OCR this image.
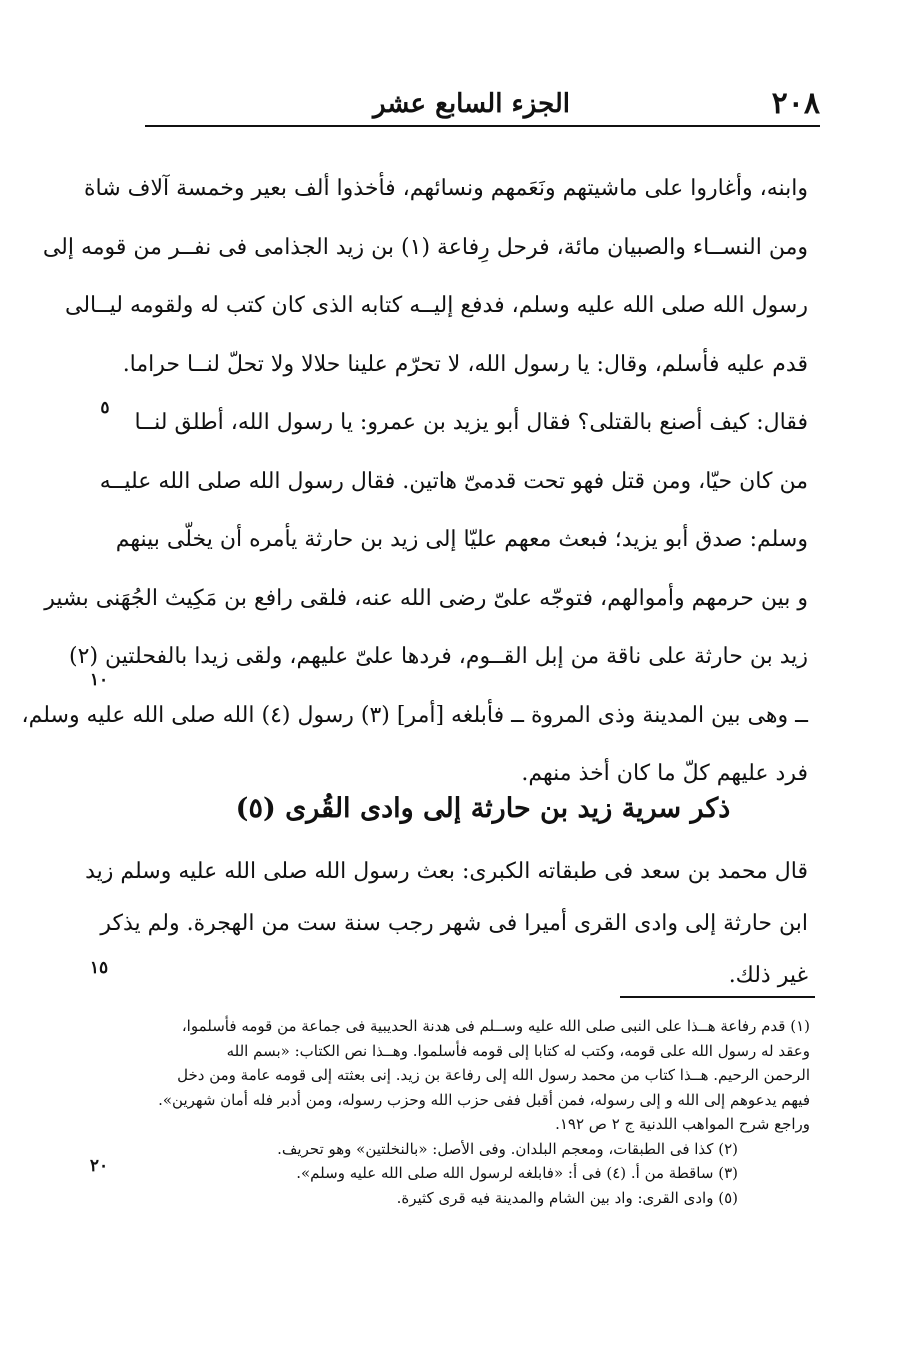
٢٠٨
الجزء السابع عشر
وابنه، وأغاروا على ماشيتهم ونَعَمهم ونسائهم، فأخذوا ألف بعير وخمسة آلاف شاة
ومن النســاء والصبيان مائة، فرحل رِفاعة (١) بن زيد الجذامى فى نفــر من قومه إلى
رسول الله صلى الله عليه وسلم، فدفع إليــه كتابه الذى كان كتب له ولقومه ليــالى
قدم عليه فأسلم، وقال: يا رسول الله، لا تحرّم علينا حلالا ولا تحلّ لنــا حراما.
فقال: كيف أصنع بالقتلى؟ فقال أبو يزيد بن عمرو: يا رسول الله، أطلق لنــا
من كان حيّا، ومن قتل فهو تحت قدمىّ هاتين. فقال رسول الله صلى الله عليــه
وسلم: صدق أبو يزيد؛ فبعث معهم عليّا إلى زيد بن حارثة يأمره أن يخلّى بينهم
و بين حرمهم وأموالهم، فتوجّه علىّ رضى الله عنه، فلقى رافع بن مَكِيث الجُهَنى بشير
زيد بن حارثة على ناقة من إبل القــوم، فردها علىّ عليهم، ولقى زيدا بالفحلتين (٢)
ــ وهى بين المدينة وذى المروة ــ فأبلغه [أمر] (٣) رسول (٤) الله صلى الله عليه وسلم،
فرد عليهم كلّ ما كان أخذ منهم.
٥
١٠
١٥
٢٠
ذكر سرية زيد بن حارثة إلى وادى القُرى (٥)
قال محمد بن سعد فى طبقاته الكبرى: بعث رسول الله صلى الله عليه وسلم زيد
ابن حارثة إلى وادى القرى أميرا فى شهر رجب سنة ست من الهجرة. ولم يذكر
غير ذلك.
(١) قدم رفاعة هــذا على النبى صلى الله عليه وســلم فى هدنة الحديبية فى جماعة من قومه فأسلموا،
وعقد له رسول الله على قومه، وكتب له كتابا إلى قومه فأسلموا. وهــذا نص الكتاب: «بسم الله
الرحمن الرحيم. هــذا كتاب من محمد رسول الله إلى رفاعة بن زيد. إنى بعثته إلى قومه عامة ومن دخل
فيهم يدعوهم إلى الله و إلى رسوله، فمن أقبل ففى حزب الله وحزب رسوله، ومن أدبر فله أمان شهرين».
وراجع شرح المواهب اللدنية ج ٢ ص ١٩٢.
(٢) كذا فى الطبقات، ومعجم البلدان. وفى الأصل: «بالنخلتين» وهو تحريف.
(٣) ساقطة من أ. (٤) فى أ: «فابلغه لرسول الله صلى الله عليه وسلم».
(٥) وادى القرى: واد بين الشام والمدينة فيه قرى كثيرة.
